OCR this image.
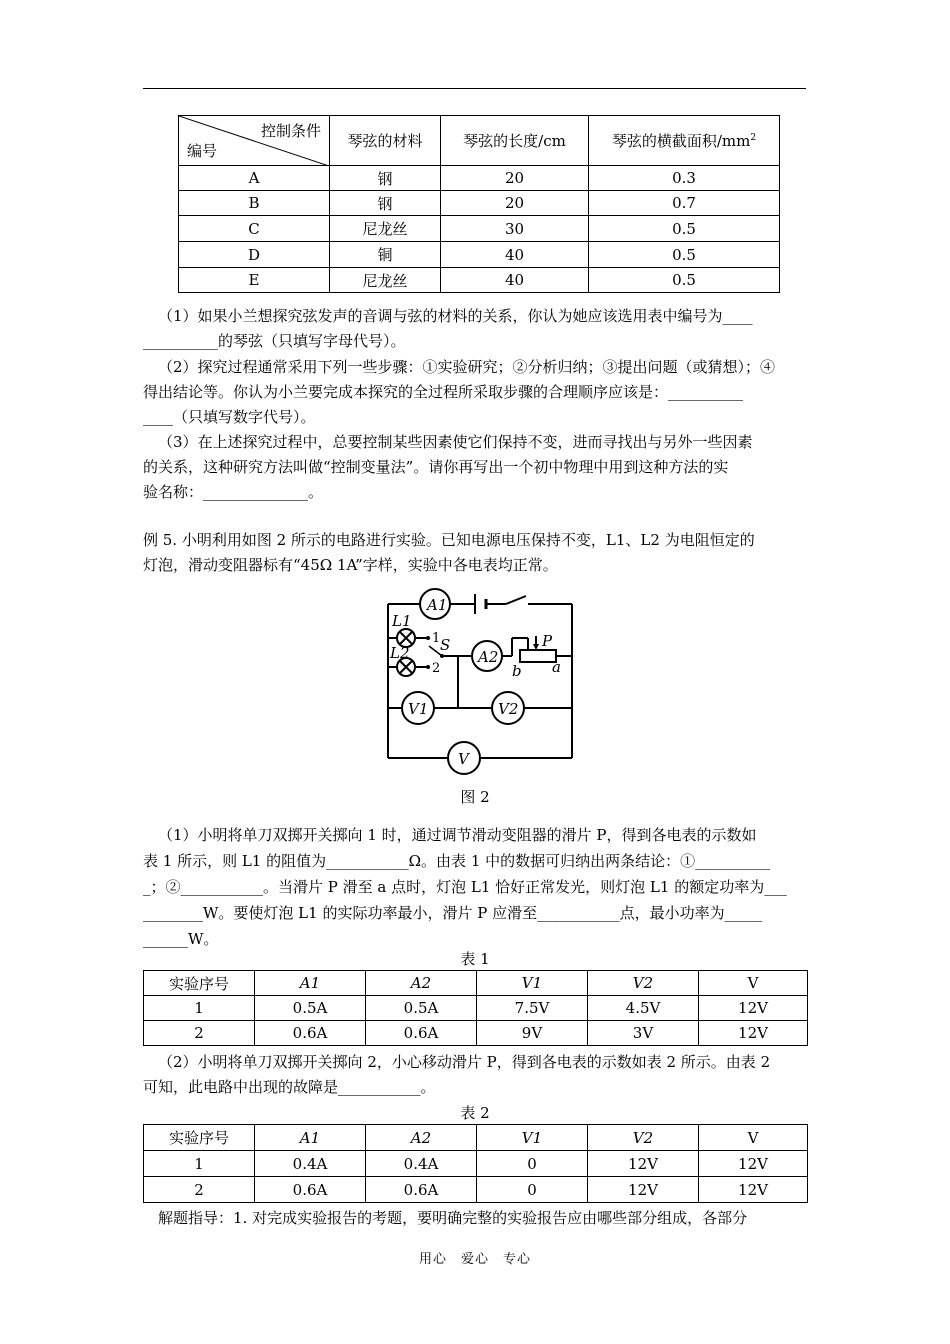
控制条件
编号	琴弦的材料	琴弦的长度/cm	琴弦的横截面积$/mm^2$
A	钢	20	0.3
B	钢	20	0.7
C	尼龙丝	30	0.5
D	铜	40	0.5
E	尼龙丝	40	0.5

（1）如果小兰想探究弦发声的音调与弦的材料的关系，你认为她应该选用表中编号为____

__________的琴弦（只填写字母代号）。

（2）探究过程通常采用下列一些步骤：①实验研究；②分析归纳；③提出问题（或猜想）；④

得出结论等。你认为小兰要完成本探究的全过程所采取步骤的合理顺序应该是：__________

____（只填写数字代号）。

（3）在上述探究过程中，总要控制某些因素使它们保持不变，进而寻找出与另外一些因素

的关系，这种研究方法叫做“控制变量法”。请你再写出一个初中物理中用到这种方法的实

验名称：______________。

例 5. 小明利用如图 2 所示的电路进行实验。已知电源电压保持不变，L1、L2 为电阻恒定的

灯泡，滑动变阻器标有“45Ω 1A”字样，实验中各电表均正常。

A1
L1
1 S
L2
2
A2
P
b a
V1	V2
V
图 2

（1）小明将单刀双掷开关掷向 1 时，通过调节滑动变阻器的滑片 P，得到各电表的示数如

表 1 所示，则 L1 的阻值为___________Ω。由表 1 中的数据可归纳出两条结论：①__________

_；②___________。当滑片 P 滑至 a 点时，灯泡 L1 恰好正常发光，则灯泡 L1 的额定功率为___

________W。要使灯泡 L1 的实际功率最小，滑片 P 应滑至___________点，最小功率为_____

______W。

表 1
实验序号	A1	A2	V1	V2	V
1	0.5A	0.5A	7.5V	4.5V	12V
2	0.6A	0.6A	9V	3V	12V

（2）小明将单刀双掷开关掷向 2，小心移动滑片 P，得到各电表的示数如表 2 所示。由表 2

可知，此电路中出现的故障是___________。

表 2
实验序号	A1	A2	V1	V2	V
1	0.4A	0.4A	0	12V	12V
2	0.6A	0.6A	0	12V	12V

解题指导：1. 对完成实验报告的考题，要明确完整的实验报告应由哪些部分组成，各部分

用心　爱心　专心
